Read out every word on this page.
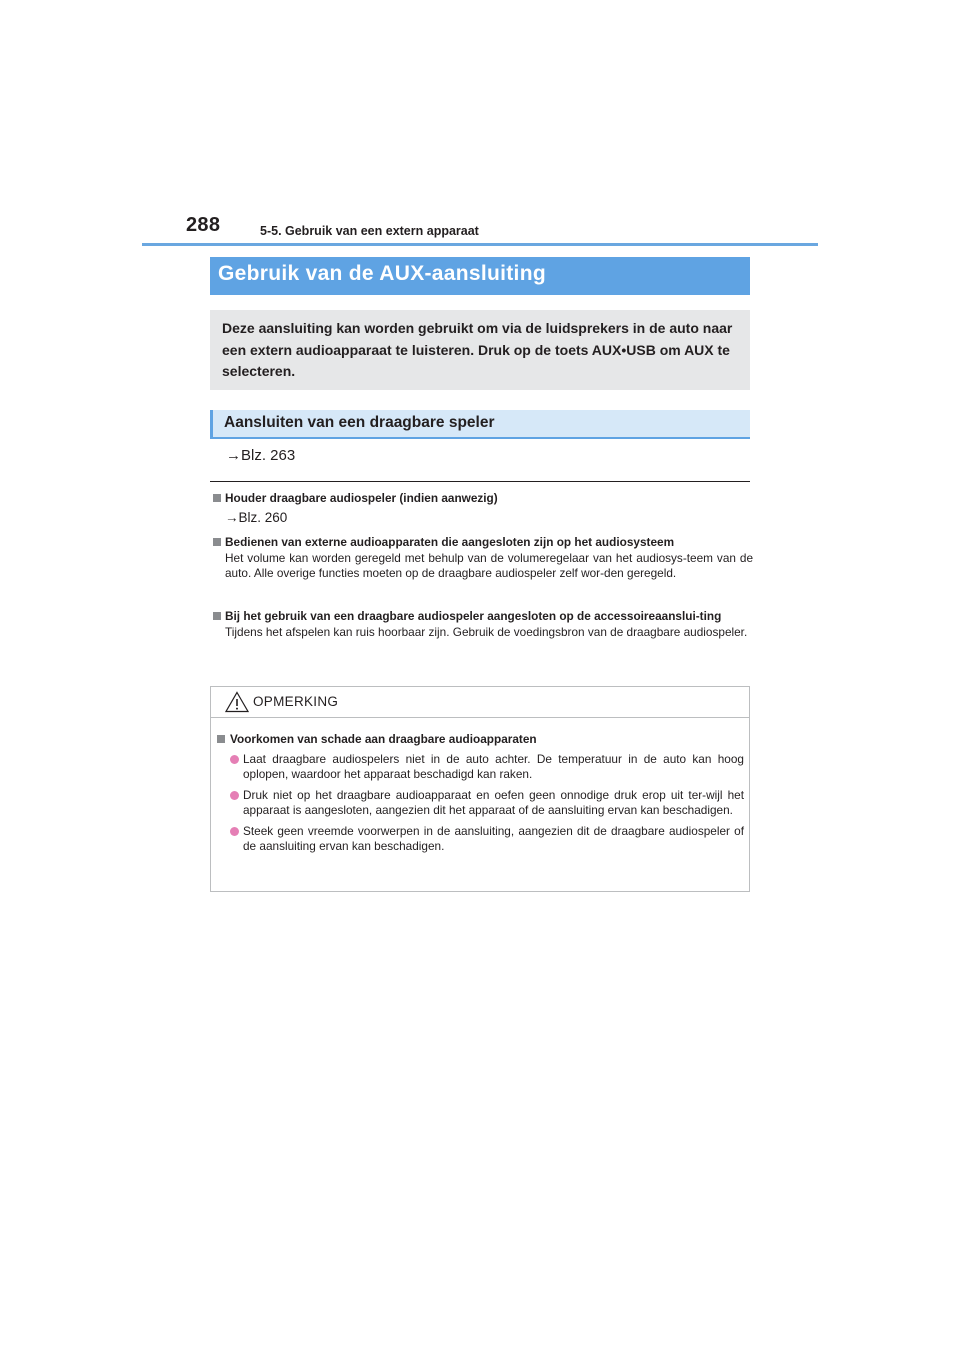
288	5-5. Gebruik van een extern apparaat
Gebruik van de AUX-aansluiting
Deze aansluiting kan worden gebruikt om via de luidsprekers in de auto naar een extern audioapparaat te luisteren. Druk op de toets AUX•USB om AUX te selecteren.
Aansluiten van een draagbare speler
→Blz. 263
Houder draagbare audiospeler (indien aanwezig)
→Blz. 260
Bedienen van externe audioapparaten die aangesloten zijn op het audiosysteem
Het volume kan worden geregeld met behulp van de volumeregelaar van het audiosys-teem van de auto. Alle overige functies moeten op de draagbare audiospeler zelf wor-den geregeld.
Bij het gebruik van een draagbare audiospeler aangesloten op de accessoireaanslui-ting
Tijdens het afspelen kan ruis hoorbaar zijn. Gebruik de voedingsbron van de draagbare audiospeler.
OPMERKING
Voorkomen van schade aan draagbare audioapparaten
Laat draagbare audiospelers niet in de auto achter. De temperatuur in de auto kan hoog oplopen, waardoor het apparaat beschadigd kan raken.
Druk niet op het draagbare audioapparaat en oefen geen onnodige druk erop uit ter-wijl het apparaat is aangesloten, aangezien dit het apparaat of de aansluiting ervan kan beschadigen.
Steek geen vreemde voorwerpen in de aansluiting, aangezien dit de draagbare audiospeler of de aansluiting ervan kan beschadigen.
